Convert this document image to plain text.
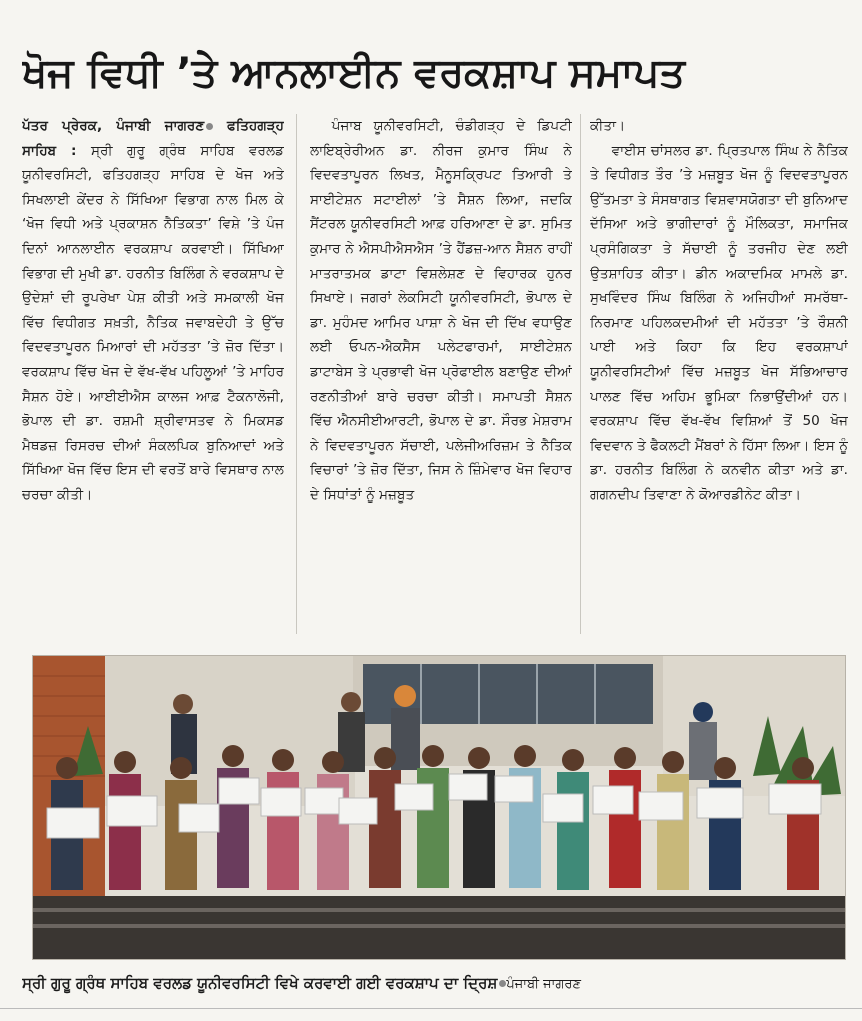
ਖੋਜ ਵਿਧੀ ’ਤੇ ਆਨਲਾਈਨ ਵਰਕਸ਼ਾਪ ਸਮਾਪਤ

ਪੱਤਰ ਪ੍ਰੇਰਕ, ਪੰਜਾਬੀ ਜਾਗਰਣ ਫਤਿਹਗੜ੍ਹ ਸਾਹਿਬ : ਸ੍ਰੀ ਗੁਰੂ ਗ੍ਰੰਥ ਸਾਹਿਬ ਵਰਲਡ ਯੂਨੀਵਰਸਿਟੀ, ਫਤਿਹਗੜ੍ਹ ਸਾਹਿਬ ਦੇ ਖੋਜ ਅਤੇ ਸਿਖਲਾਈ ਕੇਂਦਰ ਨੇ ਸਿੱਖਿਆ ਵਿਭਾਗ ਨਾਲ ਮਿਲ ਕੇ ‘ਖੋਜ ਵਿਧੀ ਅਤੇ ਪ੍ਰਕਾਸ਼ਨ ਨੈਤਿਕਤਾ’ ਵਿਸ਼ੇ ’ਤੇ ਪੰਜ ਦਿਨਾਂ ਆਨਲਾਈਨ ਵਰਕਸ਼ਾਪ ਕਰਵਾਈ। ਸਿੱਖਿਆ ਵਿਭਾਗ ਦੀ ਮੁਖੀ ਡਾ. ਹਰਨੀਤ ਬਿਲਿੰਗ ਨੇ ਵਰਕਸ਼ਾਪ ਦੇ ਉਦੇਸ਼ਾਂ ਦੀ ਰੂਪਰੇਖਾ ਪੇਸ਼ ਕੀਤੀ ਅਤੇ ਸਮਕਾਲੀ ਖੋਜ ਵਿੱਚ ਵਿਧੀਗਤ ਸਖ਼ਤੀ, ਨੈਤਿਕ ਜਵਾਬਦੇਹੀ ਤੇ ਉੱਚ ਵਿਦਵਤਾਪੂਰਨ ਮਿਆਰਾਂ ਦੀ ਮਹੱਤਤਾ ’ਤੇ ਜ਼ੋਰ ਦਿੱਤਾ। ਵਰਕਸ਼ਾਪ ਵਿੱਚ ਖੋਜ ਦੇ ਵੱਖ-ਵੱਖ ਪਹਿਲੂਆਂ ’ਤੇ ਮਾਹਿਰ ਸੈਸ਼ਨ ਹੋਏ। ਆਈਈਐਸ ਕਾਲਜ ਆਫ਼ ਟੈਕਨਾਲੋਜੀ, ਭੋਪਾਲ ਦੀ ਡਾ. ਰਸ਼ਮੀ ਸ਼੍ਰੀਵਾਸਤਵ ਨੇ ਮਿਕਸਡ ਮੈਥਡਜ਼ ਰਿਸਰਚ ਦੀਆਂ ਸੰਕਲਪਿਕ ਬੁਨਿਆਦਾਂ ਅਤੇ ਸਿੱਖਿਆ ਖੋਜ ਵਿੱਚ ਇਸ ਦੀ ਵਰਤੋਂ ਬਾਰੇ ਵਿਸਥਾਰ ਨਾਲ ਚਰਚਾ ਕੀਤੀ।

ਪੰਜਾਬ ਯੂਨੀਵਰਸਿਟੀ, ਚੰਡੀਗੜ੍ਹ ਦੇ ਡਿਪਟੀ ਲਾਇਬ੍ਰੇਰੀਅਨ ਡਾ. ਨੀਰਜ ਕੁਮਾਰ ਸਿੰਘ ਨੇ ਵਿਦਵਤਾਪੂਰਨ ਲਿਖਤ, ਮੈਨੂਸਕ੍ਰਿਪਟ ਤਿਆਰੀ ਤੇ ਸਾਈਟੇਸ਼ਨ ਸਟਾਈਲਾਂ ’ਤੇ ਸੈਸ਼ਨ ਲਿਆ, ਜਦਕਿ ਸੈਂਟਰਲ ਯੂਨੀਵਰਸਿਟੀ ਆਫ਼ ਹਰਿਆਣਾ ਦੇ ਡਾ. ਸੁਮਿਤ ਕੁਮਾਰ ਨੇ ਐਸਪੀਐਸਐਸ ’ਤੇ ਹੈਂਡਜ਼-ਆਨ ਸੈਸ਼ਨ ਰਾਹੀਂ ਮਾਤਰਾਤਮਕ ਡਾਟਾ ਵਿਸ਼ਲੇਸ਼ਣ ਦੇ ਵਿਹਾਰਕ ਹੁਨਰ ਸਿਖਾਏ। ਜਗਰਾਂ ਲੇਕਸਿਟੀ ਯੂਨੀਵਰਸਿਟੀ, ਭੋਪਾਲ ਦੇ ਡਾ. ਮੁਹੰਮਦ ਆਮਿਰ ਪਾਸ਼ਾ ਨੇ ਖੋਜ ਦੀ ਦਿੱਖ ਵਧਾਉਣ ਲਈ ਓਪਨ-ਐਕਸੈਸ ਪਲੇਟਫਾਰਮਾਂ, ਸਾਈਟੇਸ਼ਨ ਡਾਟਾਬੇਸ ਤੇ ਪ੍ਰਭਾਵੀ ਖੋਜ ਪ੍ਰੋਫਾਈਲ ਬਣਾਉਣ ਦੀਆਂ ਰਣਨੀਤੀਆਂ ਬਾਰੇ ਚਰਚਾ ਕੀਤੀ। ਸਮਾਪਤੀ ਸੈਸ਼ਨ ਵਿੱਚ ਐਨਸੀਈਆਰਟੀ, ਭੋਪਾਲ ਦੇ ਡਾ. ਸੌਰਭ ਮੇਸ਼ਰਾਮ ਨੇ ਵਿਦਵਤਾਪੂਰਨ ਸੱਚਾਈ, ਪਲੇਜੀਅਰਿਜ਼ਮ ਤੇ ਨੈਤਿਕ ਵਿਚਾਰਾਂ ’ਤੇ ਜ਼ੋਰ ਦਿੱਤਾ, ਜਿਸ ਨੇ ਜ਼ਿੰਮੇਵਾਰ ਖੋਜ ਵਿਹਾਰ ਦੇ ਸਿਧਾਂਤਾਂ ਨੂੰ ਮਜ਼ਬੂਤ

ਕੀਤਾ।

ਵਾਈਸ ਚਾਂਸਲਰ ਡਾ. ਪ੍ਰਿਤਪਾਲ ਸਿੰਘ ਨੇ ਨੈਤਿਕ ਤੇ ਵਿਧੀਗਤ ਤੌਰ ’ਤੇ ਮਜ਼ਬੂਤ ਖੋਜ ਨੂੰ ਵਿਦਵਤਾਪੂਰਨ ਉੱਤਮਤਾ ਤੇ ਸੰਸਥਾਗਤ ਵਿਸ਼ਵਾਸਯੋਗਤਾ ਦੀ ਬੁਨਿਆਦ ਦੱਸਿਆ ਅਤੇ ਭਾਗੀਦਾਰਾਂ ਨੂੰ ਮੌਲਿਕਤਾ, ਸਮਾਜਿਕ ਪ੍ਰਸੰਗਿਕਤਾ ਤੇ ਸੱਚਾਈ ਨੂੰ ਤਰਜੀਹ ਦੇਣ ਲਈ ਉਤਸ਼ਾਹਿਤ ਕੀਤਾ। ਡੀਨ ਅਕਾਦਮਿਕ ਮਾਮਲੇ ਡਾ. ਸੁਖਵਿੰਦਰ ਸਿੰਘ ਬਿਲਿੰਗ ਨੇ ਅਜਿਹੀਆਂ ਸਮਰੱਥਾ-ਨਿਰਮਾਣ ਪਹਿਲਕਦਮੀਆਂ ਦੀ ਮਹੱਤਤਾ ’ਤੇ ਰੌਸ਼ਨੀ ਪਾਈ ਅਤੇ ਕਿਹਾ ਕਿ ਇਹ ਵਰਕਸ਼ਾਪਾਂ ਯੂਨੀਵਰਸਿਟੀਆਂ ਵਿੱਚ ਮਜ਼ਬੂਤ ਖੋਜ ਸੱਭਿਆਚਾਰ ਪਾਲਣ ਵਿੱਚ ਅਹਿਮ ਭੂਮਿਕਾ ਨਿਭਾਉਂਦੀਆਂ ਹਨ। ਵਰਕਸ਼ਾਪ ਵਿੱਚ ਵੱਖ-ਵੱਖ ਵਿਸ਼ਿਆਂ ਤੋਂ 50 ਖੋਜ ਵਿਦਵਾਨ ਤੇ ਫੈਕਲਟੀ ਮੈਂਬਰਾਂ ਨੇ ਹਿੱਸਾ ਲਿਆ। ਇਸ ਨੂੰ ਡਾ. ਹਰਨੀਤ ਬਿਲਿੰਗ ਨੇ ਕਨਵੀਨ ਕੀਤਾ ਅਤੇ ਡਾ. ਗਗਨਦੀਪ ਤਿਵਾਣਾ ਨੇ ਕੋਆਰਡੀਨੇਟ ਕੀਤਾ।

ਸ੍ਰੀ ਗੁਰੂ ਗ੍ਰੰਥ ਸਾਹਿਬ ਵਰਲਡ ਯੂਨੀਵਰਸਿਟੀ ਵਿਖੇ ਕਰਵਾਈ ਗਈ ਵਰਕਸ਼ਾਪ ਦਾ ਦ੍ਰਿਸ਼ ਪੰਜਾਬੀ ਜਾਗਰਣ
